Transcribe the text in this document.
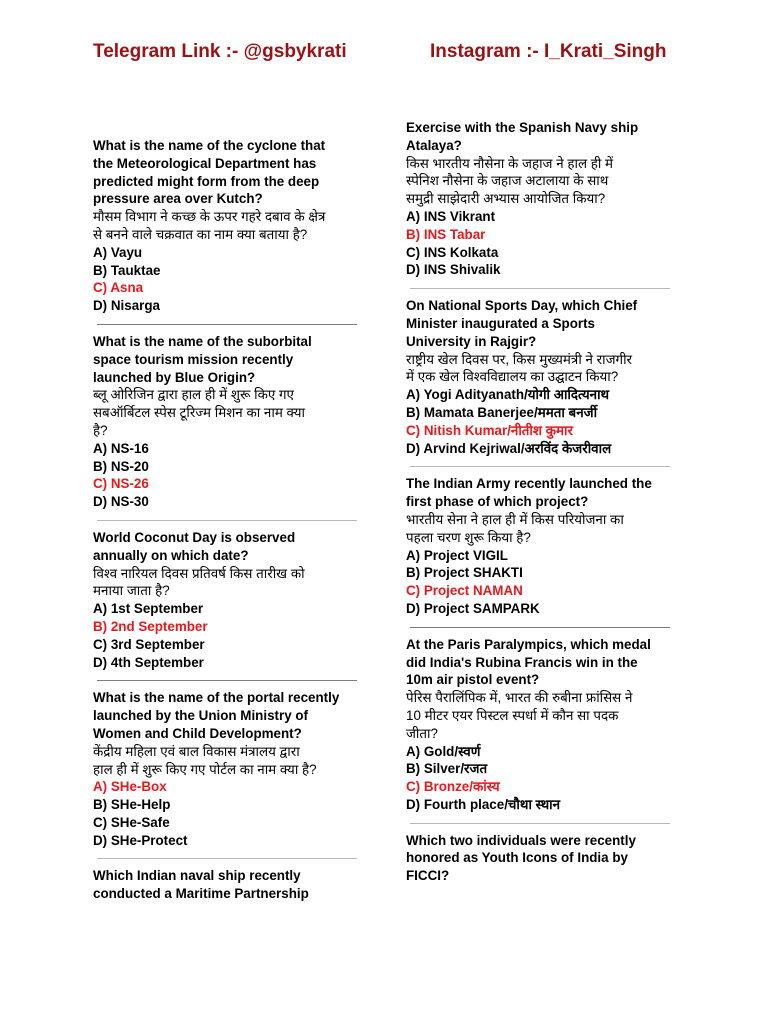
Telegram Link :- @gsbykrati	Instagram :- I_Krati_Singh
What is the name of the cyclone that
the Meteorological Department has
predicted might form from the deep
pressure area over Kutch?
मौसम विभाग ने कच्छ के ऊपर गहरे दबाव के क्षेत्र
से बनने वाले चक्रवात का नाम क्या बताया है?
A) Vayu
B) Tauktae
C) Asna
D) Nisarga
What is the name of the suborbital
space tourism mission recently
launched by Blue Origin?
ब्लू ओरिजिन द्वारा हाल ही में शुरू किए गए
सबऑर्बिटल स्पेस टूरिज्म मिशन का नाम क्या
है?
A) NS-16
B) NS-20
C) NS-26
D) NS-30
World Coconut Day is observed
annually on which date?
विश्व नारियल दिवस प्रतिवर्ष किस तारीख को
मनाया जाता है?
A) 1st September
B) 2nd September
C) 3rd September
D) 4th September
What is the name of the portal recently
launched by the Union Ministry of
Women and Child Development?
केंद्रीय महिला एवं बाल विकास मंत्रालय द्वारा
हाल ही में शुरू किए गए पोर्टल का नाम क्या है?
A) SHe-Box
B) SHe-Help
C) SHe-Safe
D) SHe-Protect
Which Indian naval ship recently
conducted a Maritime Partnership
Exercise with the Spanish Navy ship
Atalaya?
किस भारतीय नौसेना के जहाज ने हाल ही में
स्पेनिश नौसेना के जहाज अटालाया के साथ
समुद्री साझेदारी अभ्यास आयोजित किया?
A) INS Vikrant
B) INS Tabar
C) INS Kolkata
D) INS Shivalik
On National Sports Day, which Chief
Minister inaugurated a Sports
University in Rajgir?
राष्ट्रीय खेल दिवस पर, किस मुख्यमंत्री ने राजगीर
में एक खेल विश्वविद्यालय का उद्घाटन किया?
A) Yogi Adityanath/योगी आदित्यनाथ
B) Mamata Banerjee/ममता बनर्जी
C) Nitish Kumar/नीतीश कुमार
D) Arvind Kejriwal/अरविंद केजरीवाल
The Indian Army recently launched the
first phase of which project?
भारतीय सेना ने हाल ही में किस परियोजना का
पहला चरण शुरू किया है?
A) Project VIGIL
B) Project SHAKTI
C) Project NAMAN
D) Project SAMPARK
At the Paris Paralympics, which medal
did India's Rubina Francis win in the
10m air pistol event?
पेरिस पैरालिंपिक में, भारत की रुबीना फ्रांसिस ने
10 मीटर एयर पिस्टल स्पर्धा में कौन सा पदक
जीता?
A) Gold/स्वर्ण
B) Silver/रजत
C) Bronze/कांस्य
D) Fourth place/चौथा स्थान
Which two individuals were recently
honored as Youth Icons of India by
FICCI?
